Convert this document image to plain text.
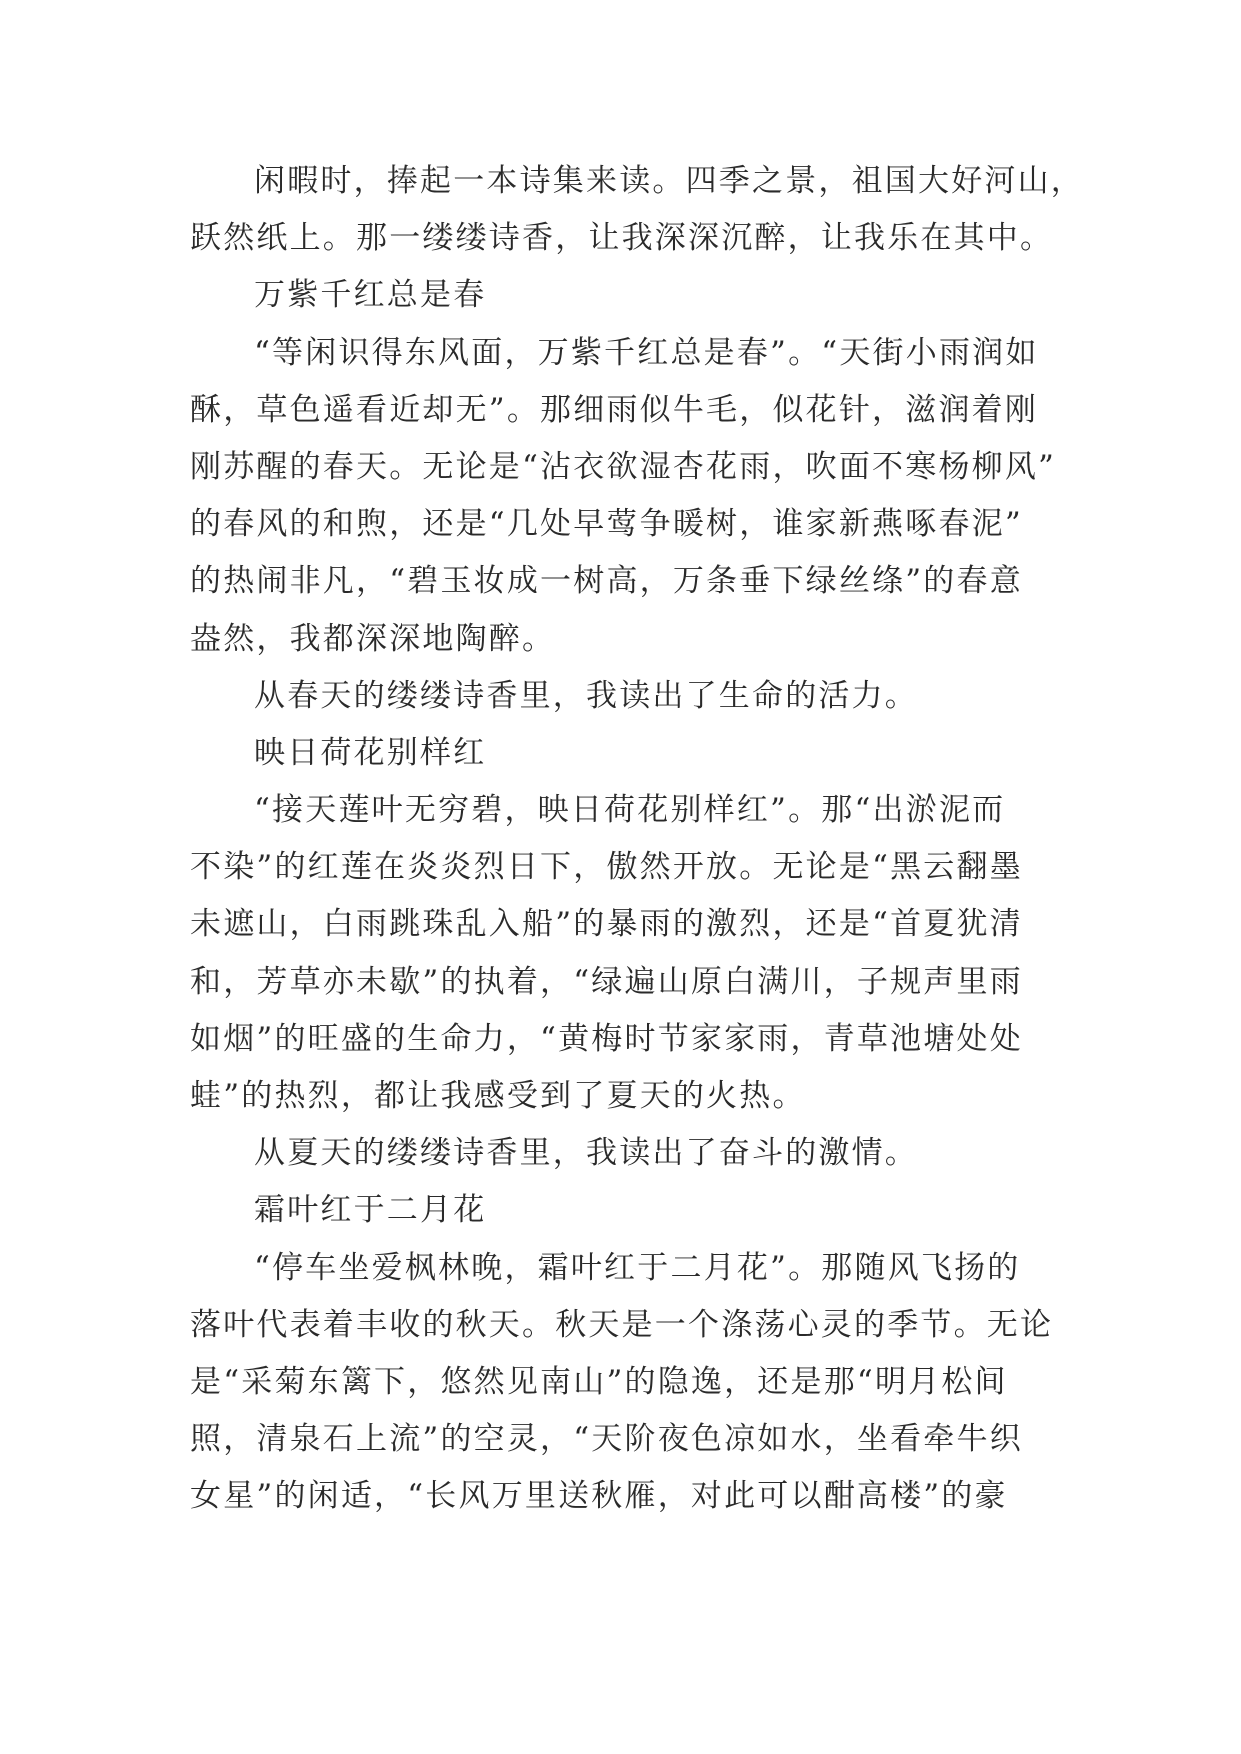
闲暇时，捧起一本诗集来读。四季之景，祖国大好河山，
跃然纸上。那一缕缕诗香，让我深深沉醉，让我乐在其中。
万紫千红总是春
“等闲识得东风面，万紫千红总是春”。“天街小雨润如
酥，草色遥看近却无”。那细雨似牛毛，似花针，滋润着刚
刚苏醒的春天。无论是“沾衣欲湿杏花雨，吹面不寒杨柳风”
的春风的和煦，还是“几处早莺争暖树，谁家新燕啄春泥”
的热闹非凡，“碧玉妆成一树高，万条垂下绿丝绦”的春意
盎然，我都深深地陶醉。
从春天的缕缕诗香里，我读出了生命的活力。
映日荷花别样红
“接天莲叶无穷碧，映日荷花别样红”。那“出淤泥而
不染”的红莲在炎炎烈日下，傲然开放。无论是“黑云翻墨
未遮山，白雨跳珠乱入船”的暴雨的激烈，还是“首夏犹清
和，芳草亦未歇”的执着，“绿遍山原白满川，子规声里雨
如烟”的旺盛的生命力，“黄梅时节家家雨，青草池塘处处
蛙”的热烈，都让我感受到了夏天的火热。
从夏天的缕缕诗香里，我读出了奋斗的激情。
霜叶红于二月花
“停车坐爱枫林晚，霜叶红于二月花”。那随风飞扬的
落叶代表着丰收的秋天。秋天是一个涤荡心灵的季节。无论
是“采菊东篱下，悠然见南山”的隐逸，还是那“明月松间
照，清泉石上流”的空灵，“天阶夜色凉如水，坐看牵牛织
女星”的闲适，“长风万里送秋雁，对此可以酣高楼”的豪
